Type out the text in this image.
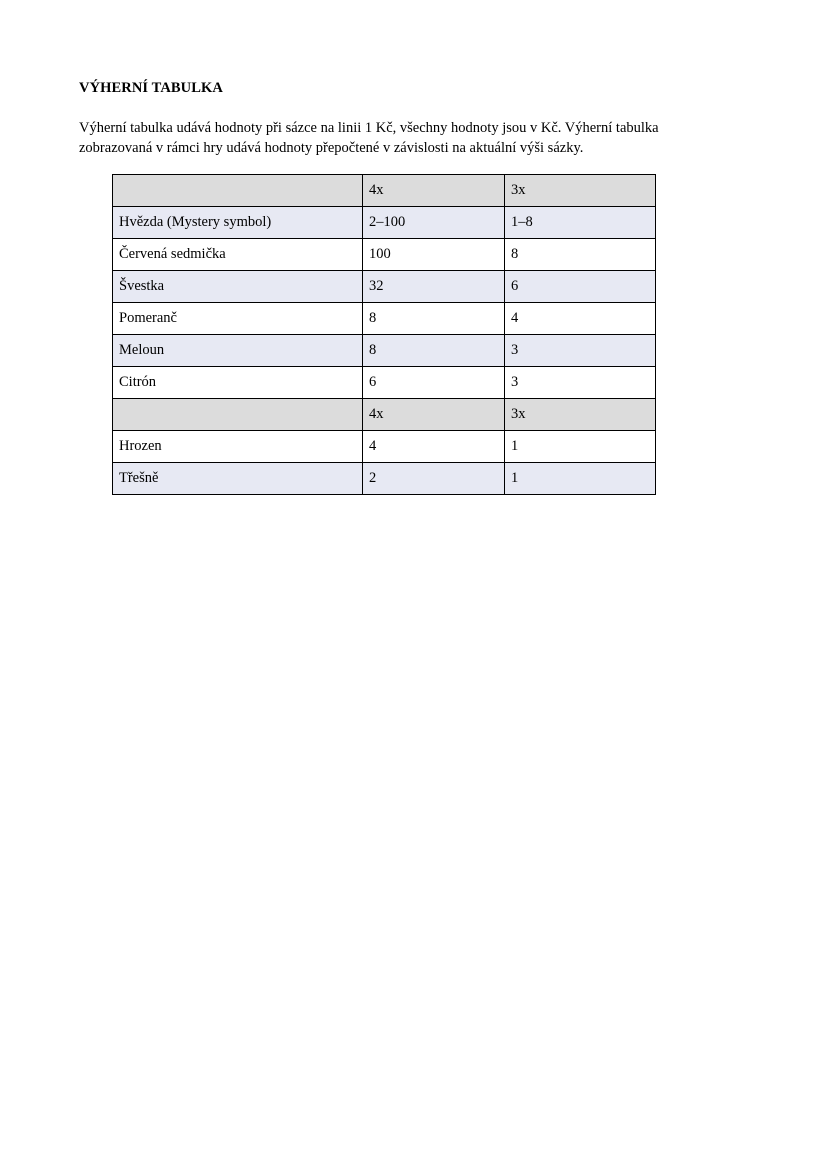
VÝHERNÍ TABULKA

Výherní tabulka udává hodnoty při sázce na linii 1 Kč, všechny hodnoty jsou v Kč. Výherní tabulka
zobrazovaná v rámci hry udává hodnoty přepočtené v závislosti na aktuální výši sázky.

	4x	3x
Hvězda (Mystery symbol)	2–100	1–8
Červená sedmička	100	8
Švestka	32	6
Pomeranč	8	4
Meloun	8	3
Citrón	6	3
	4x	3x
Hrozen	4	1
Třešně	2	1
